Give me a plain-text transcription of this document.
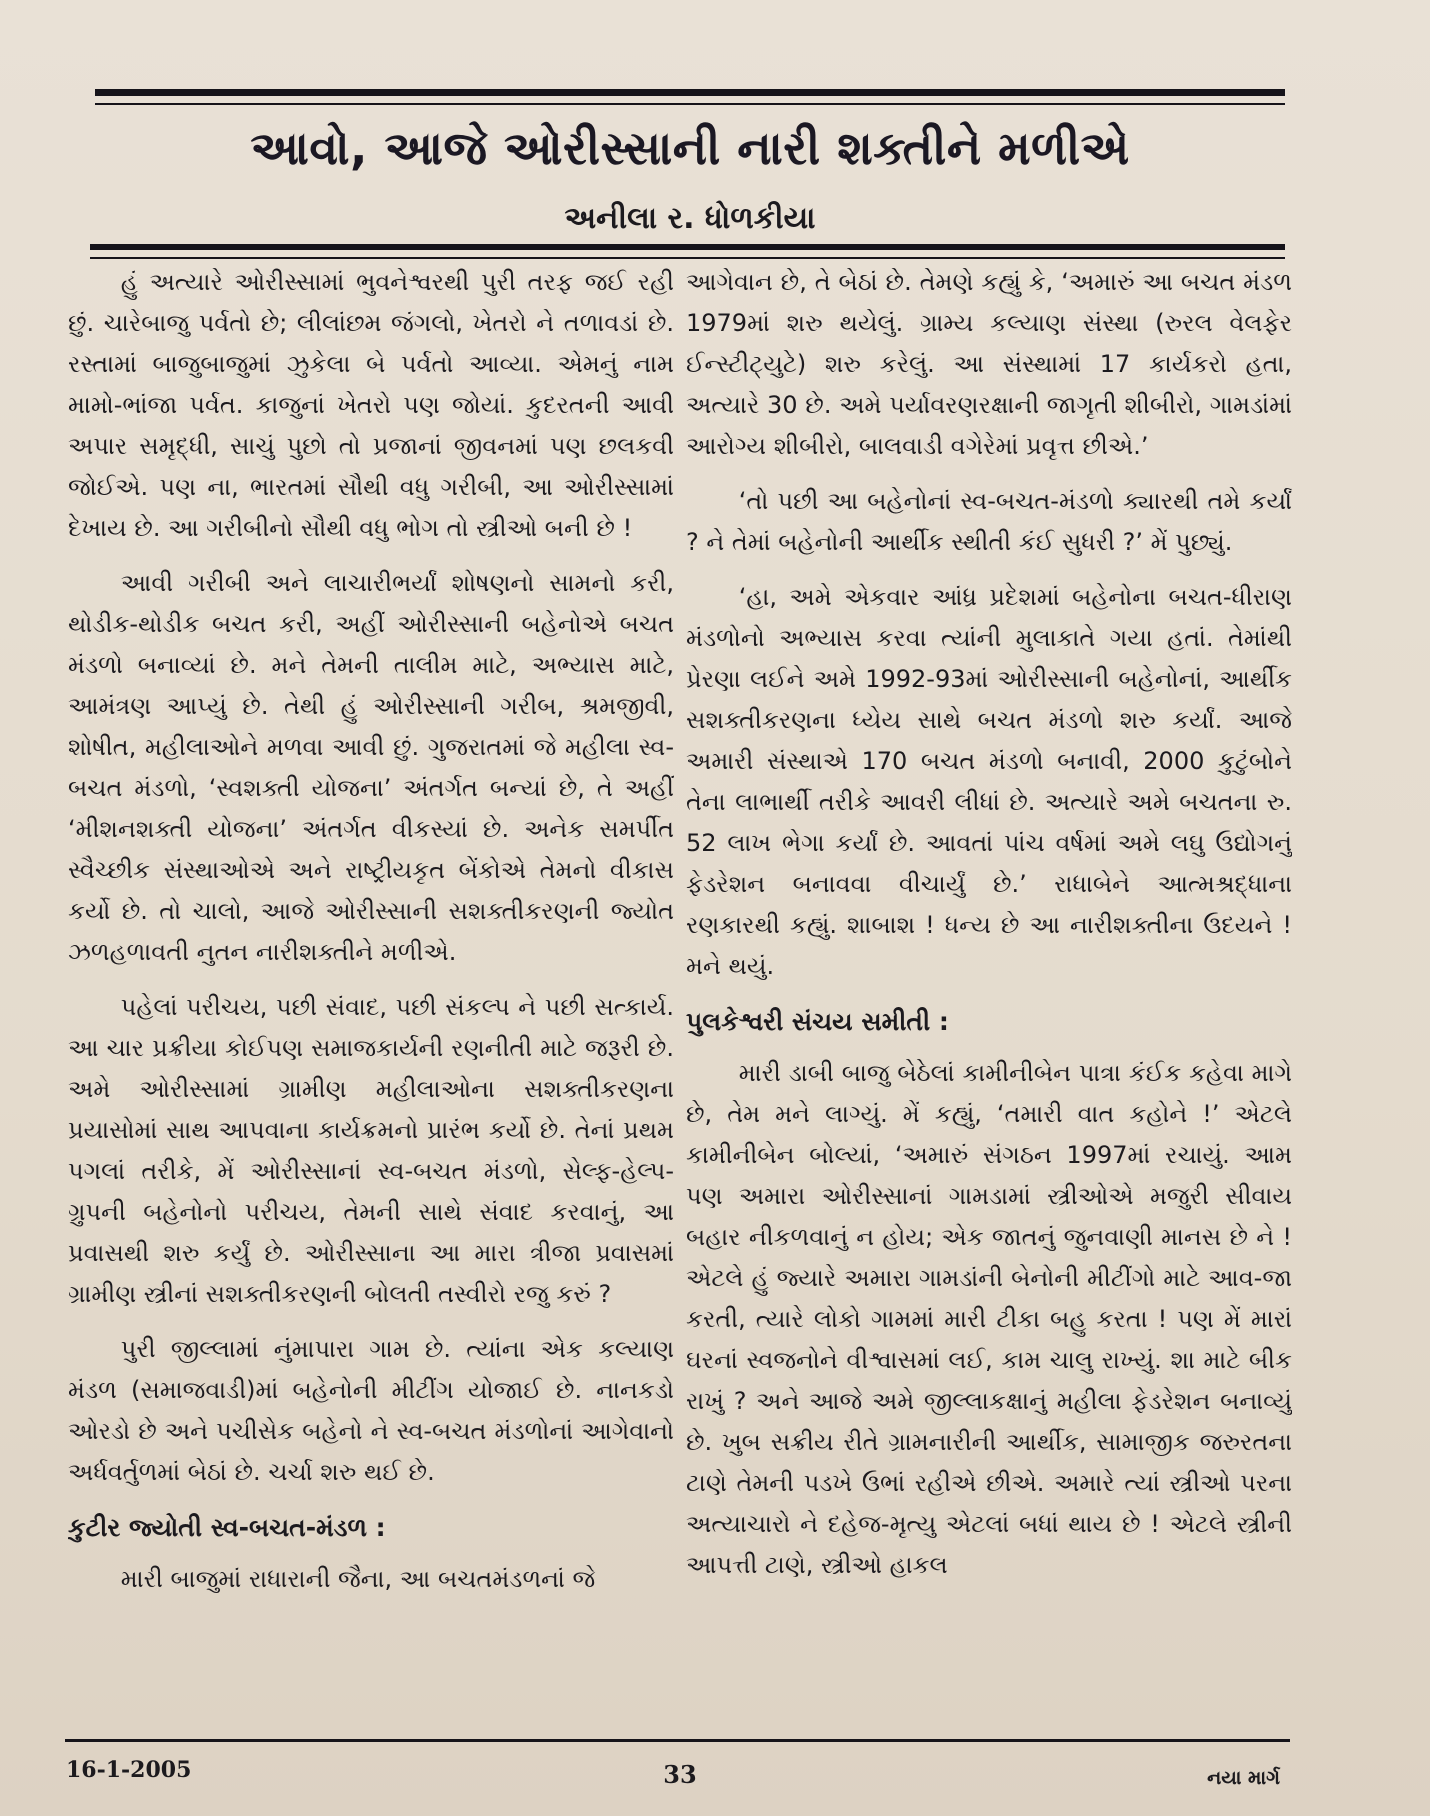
આવો, આજે ઓરીસ્સાની નારી શક્તીને મળીએ
અનીલા ર. ધોળકીયા

હું અત્યારે ઓરીસ્સામાં ભુવનેશ્વરથી પુરી તરફ જઈ રહી છું. ચારેબાજુ પર્વતો છે; લીલાંછમ જંગલો, ખેતરો ને તળાવડાં છે. રસ્તામાં બાજુબાજુમાં ઝુકેલા બે પર્વતો આવ્યા. એમનું નામ મામો-ભાંજા પર્વત. કાજુનાં ખેતરો પણ જોયાં. કુદરતની આવી અપાર સમૃદ્ધી, સાચું પુછો તો પ્રજાનાં જીવનમાં પણ છલકવી જોઈએ. પણ ના, ભારતમાં સૌથી વધુ ગરીબી, આ ઓરીસ્સામાં દેખાય છે. આ ગરીબીનો સૌથી વધુ ભોગ તો સ્ત્રીઓ બની છે !

આવી ગરીબી અને લાચારીભર્યાં શોષણનો સામનો કરી, થોડીક-થોડીક બચત કરી, અહીં ઓરીસ્સાની બહેનોએ બચત મંડળો બનાવ્યાં છે. મને તેમની તાલીમ માટે, અભ્યાસ માટે, આમંત્રણ આપ્યું છે. તેથી હું ઓરીસ્સાની ગરીબ, શ્રમજીવી, શોષીત, મહીલાઓને મળવા આવી છું. ગુજરાતમાં જે મહીલા સ્વ-બચત મંડળો, ‘સ્વશક્તી યોજના’ અંતર્ગત બન્યાં છે, તે અહીં ‘મીશનશક્તી યોજના’ અંતર્ગત વીકસ્યાં છે. અનેક સમર્પીત સ્વૈચ્છીક સંસ્થાઓએ અને રાષ્ટ્રીયકૃત બેંકોએ તેમનો વીકાસ કર્યો છે. તો ચાલો, આજે ઓરીસ્સાની સશક્તીકરણની જ્યોત ઝળહળાવતી નુતન નારીશક્તીને મળીએ.

પહેલાં પરીચય, પછી સંવાદ, પછી સંકલ્પ ને પછી સત્કાર્ય. આ ચાર પ્રક્રીયા કોઈપણ સમાજકાર્યની રણનીતી માટે જરૂરી છે. અમે ઓરીસ્સામાં ગ્રામીણ મહીલાઓના સશક્તીકરણના પ્રયાસોમાં સાથ આપવાના કાર્યક્રમનો પ્રારંભ કર્યો છે. તેનાં પ્રથમ પગલાં તરીકે, મેં ઓરીસ્સાનાં સ્વ-બચત મંડળો, સેલ્ફ-હેલ્પ-ગ્રુપની બહેનોનો પરીચય, તેમની સાથે સંવાદ કરવાનું, આ પ્રવાસથી શરુ કર્યું છે. ઓરીસ્સાના આ મારા ત્રીજા પ્રવાસમાં ગ્રામીણ સ્ત્રીનાં સશક્તીકરણની બોલતી તસ્વીરો રજુ કરું ?

પુરી જીલ્લામાં નુંમાપારા ગામ છે. ત્યાંના એક કલ્યાણ મંડળ (સમાજવાડી)માં બહેનોની મીટીંગ યોજાઈ છે. નાનકડો ઓરડો છે અને પચીસેક બહેનો ને સ્વ-બચત મંડળોનાં આગેવાનો અર્ધવર્તુળમાં બેઠાં છે. ચર્ચા શરુ થઈ છે.

કુટીર જ્યોતી સ્વ-બચત-મંડળ :

મારી બાજુમાં રાધારાની જૈના, આ બચતમંડળનાં જે

આગેવાન છે, તે બેઠાં છે. તેમણે કહ્યું કે, ‘અમારું આ બચત મંડળ 1979માં શરુ થયેલું. ગ્રામ્ય કલ્યાણ સંસ્થા (રુરલ વેલફેર ઈન્સ્ટીટ્યુટે) શરુ કરેલું. આ સંસ્થામાં 17 કાર્યકરો હતા, અત્યારે 30 છે. અમે પર્યાવરણરક્ષાની જાગૃતી શીબીરો, ગામડાંમાં આરોગ્ય શીબીરો, બાલવાડી વગેરેમાં પ્રવૃત્ત છીએ.’

‘તો પછી આ બહેનોનાં સ્વ-બચત-મંડળો ક્યારથી તમે કર્યાં ? ને તેમાં બહેનોની આર્થીક સ્થીતી કંઈ સુધરી ?’ મેં પુછ્યું.

‘હા, અમે એકવાર આંધ્ર પ્રદેશમાં બહેનોના બચત-ધીરાણ મંડળોનો અભ્યાસ કરવા ત્યાંની મુલાકાતે ગયા હતાં. તેમાંથી પ્રેરણા લઈને અમે 1992-93માં ઓરીસ્સાની બહેનોનાં, આર્થીક સશક્તીકરણના ધ્યેય સાથે બચત મંડળો શરુ કર્યાં. આજે અમારી સંસ્થાએ 170 બચત મંડળો બનાવી, 2000 કુટુંબોને તેના લાભાર્થી તરીકે આવરી લીધાં છે. અત્યારે અમે બચતના રુ. 52 લાખ ભેગા કર્યાં છે. આવતાં પાંચ વર્ષમાં અમે લઘુ ઉદ્યોગનું ફેડરેશન બનાવવા વીચાર્યું છે.’ રાધાબેને આત્મશ્રદ્ધાના રણકારથી કહ્યું. શાબાશ ! ધન્ય છે આ નારીશક્તીના ઉદયને ! મને થયું.

પુલકેશ્વરી સંચય સમીતી :

મારી ડાબી બાજુ બેઠેલાં કામીનીબેન પાત્રા કંઈક કહેવા માગે છે, તેમ મને લાગ્યું. મેં કહ્યું, ‘તમારી વાત કહોને !’ એટલે કામીનીબેન બોલ્યાં, ‘અમારું સંગઠન 1997માં રચાયું. આમ પણ અમારા ઓરીસ્સાનાં ગામડામાં સ્ત્રીઓએ મજુરી સીવાય બહાર નીકળવાનું ન હોય; એક જાતનું જુનવાણી માનસ છે ને ! એટલે હું જ્યારે અમારા ગામડાંની બેનોની મીટીંગો માટે આવ-જા કરતી, ત્યારે લોકો ગામમાં મારી ટીકા બહુ કરતા ! પણ મેં મારાં ઘરનાં સ્વજનોને વીશ્વાસમાં લઈ, કામ ચાલુ રાખ્યું. શા માટે બીક રાખું ? અને આજે અમે જીલ્લાકક્ષાનું મહીલા ફેડરેશન બનાવ્યું છે. ખુબ સક્રીય રીતે ગ્રામનારીની આર્થીક, સામાજીક જરુરતના ટાણે તેમની પડખે ઉભાં રહીએ છીએ. અમારે ત્યાં સ્ત્રીઓ પરના અત્યાચારો ને દહેજ-મૃત્યુ એટલાં બધાં થાય છે ! એટલે સ્ત્રીની આપત્તી ટાણે, સ્ત્રીઓ હાકલ

16-1-2005	33	નયા માર્ગ
